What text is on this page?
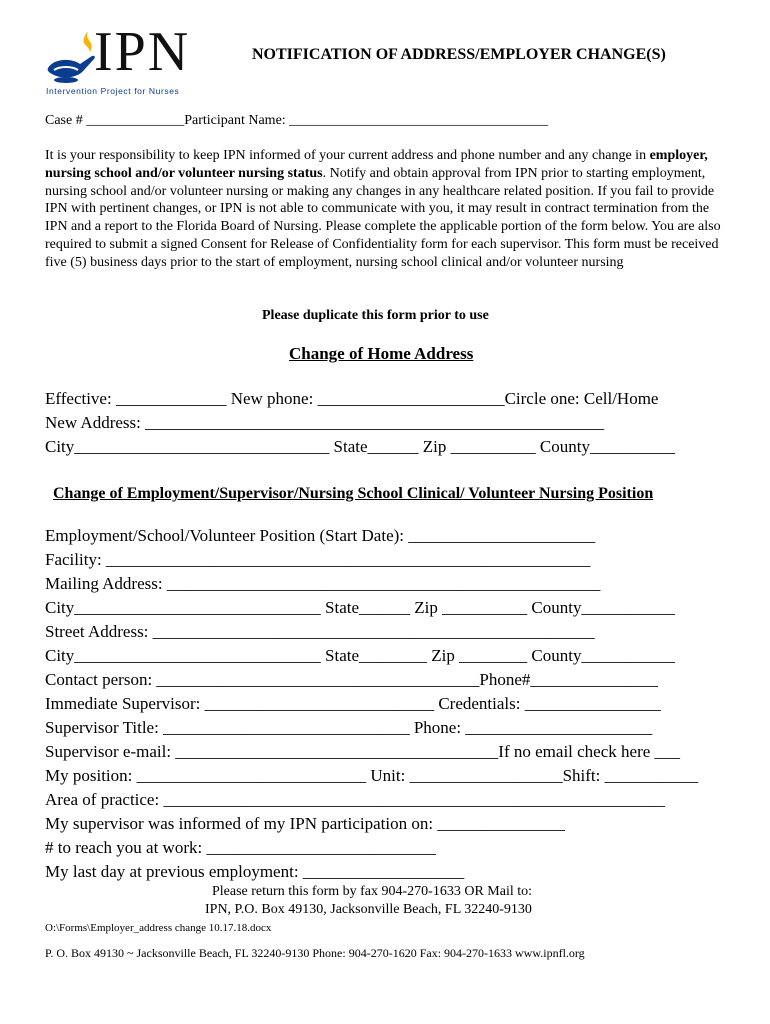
IPN
Intervention Project for Nurses
NOTIFICATION OF ADDRESS/EMPLOYER CHANGE(S)
Case # ______________Participant Name: _____________________________________
It is your responsibility to keep IPN informed of your current address and phone number and any change in employer, nursing school and/or volunteer nursing status. Notify and obtain approval from IPN prior to starting employment, nursing school and/or volunteer nursing or making any changes in any healthcare related position. If you fail to provide IPN with pertinent changes, or IPN is not able to communicate with you, it may result in contract termination from the IPN and a report to the Florida Board of Nursing. Please complete the applicable portion of the form below. You are also required to submit a signed Consent for Release of Confidentiality form for each supervisor. This form must be received five (5) business days prior to the start of employment, nursing school clinical and/or volunteer nursing
Please duplicate this form prior to use
Change of Home Address
Effective: _____________ New phone: ______________________Circle one: Cell/Home
New Address: ______________________________________________________
City______________________________ State______ Zip __________ County__________
Change of Employment/Supervisor/Nursing School Clinical/ Volunteer Nursing Position
Employment/School/Volunteer Position (Start Date): ______________________
Facility: _________________________________________________________
Mailing Address: ___________________________________________________
City_____________________________ State______ Zip __________ County___________
Street Address: ____________________________________________________
City_____________________________ State________ Zip ________ County___________
Contact person: ______________________________________Phone#_______________
Immediate Supervisor: ___________________________ Credentials: ________________
Supervisor Title: _____________________________ Phone: ______________________
Supervisor e-mail: ______________________________________If no email check here ___
My position: ___________________________ Unit: __________________Shift: ___________
Area of practice: ___________________________________________________________
My supervisor was informed of my IPN participation on: _______________
# to reach you at work: ___________________________
My last day at previous employment: ___________________
Please return this form by fax 904-270-1633 OR Mail to:
IPN, P.O. Box 49130, Jacksonville Beach, FL 32240-9130
O:\Forms\Employer_address change 10.17.18.docx
P. O. Box 49130 ~ Jacksonville Beach, FL 32240-9130 Phone: 904-270-1620 Fax: 904-270-1633 www.ipnfl.org
